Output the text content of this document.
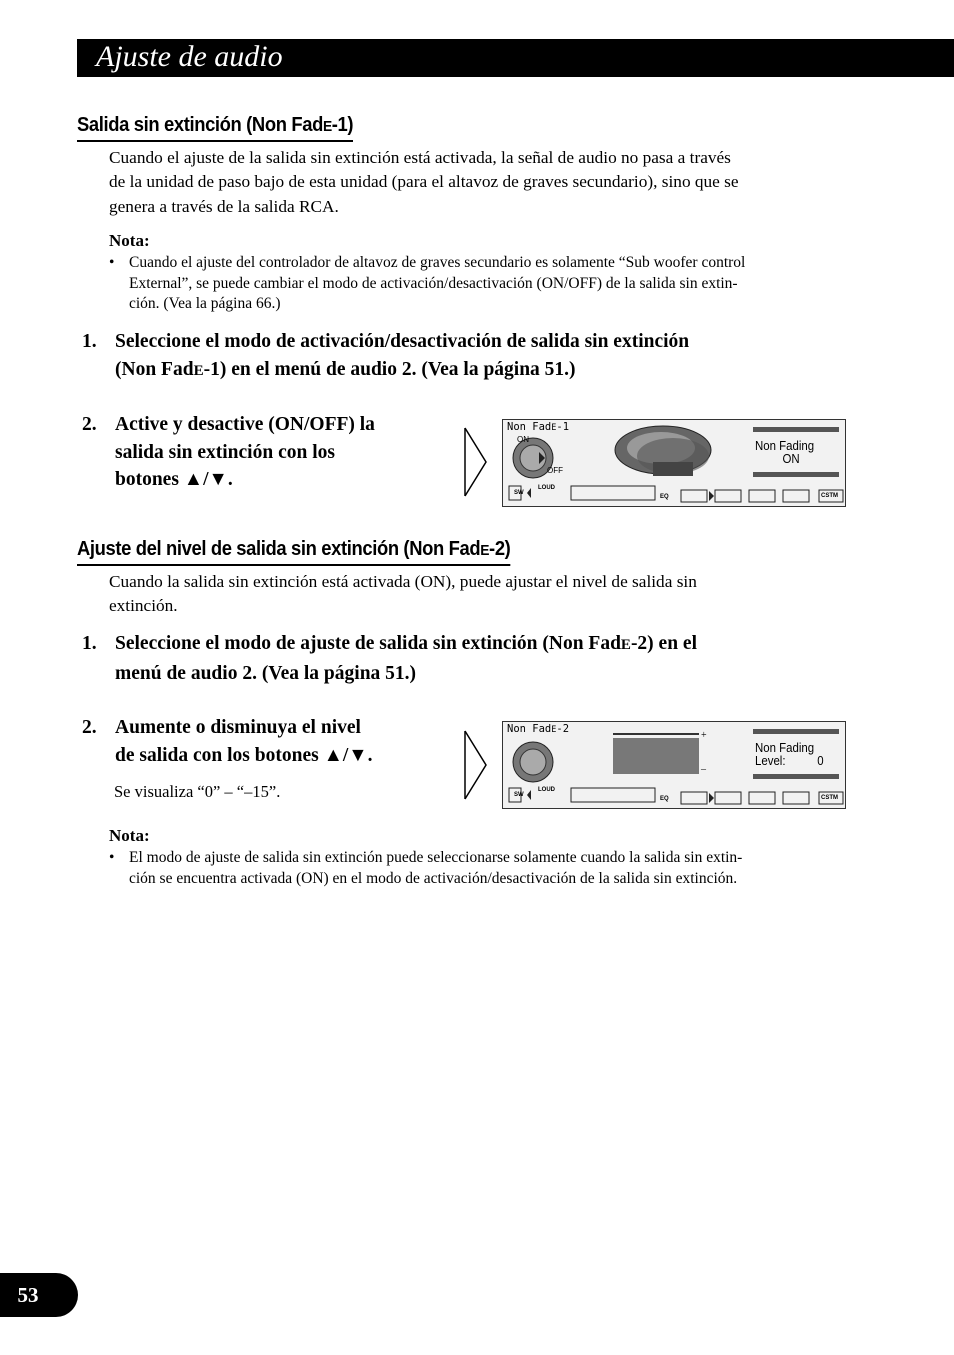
Ajuste de audio
Salida sin extinción (Non FadE-1)
Cuando el ajuste de la salida sin extinción está activada, la señal de audio no pasa a través
de la unidad de paso bajo de esta unidad (para el altavoz de graves secundario), sino que se
genera a través de la salida RCA.
Nota:
• Cuando el ajuste del controlador de altavoz de graves secundario es solamente “Sub woofer control
External”, se puede cambiar el modo de activación/desactivación (ON/OFF) de la salida sin extin-
ción. (Vea la página 66.)
1. Seleccione el modo de activación/desactivación de salida sin extinción
(Non FadE-1) en el menú de audio 2. (Vea la página 51.)
2. Active y desactive (ON/OFF) la
salida sin extinción con los
botones ▲/▼.
Non FadE-1
ON
OFF
Non Fading
ON
SW
LOUD
EQ	CSTM
Ajuste del nivel de salida sin extinción (Non FadE-2)
Cuando la salida sin extinción está activada (ON), puede ajustar el nivel de salida sin
extinción.
1. Seleccione el modo de ajuste de salida sin extinción (Non FadE-2) en el
menú de audio 2. (Vea la página 51.)
2. Aumente o disminuya el nivel
de salida con los botones ▲/▼.
Se visualiza “0” – “–15”.
Non FadE-2
+
–
Non Fading
Level: 0
SW
LOUD
EQ	CSTM
Nota:
• El modo de ajuste de salida sin extinción puede seleccionarse solamente cuando la salida sin extin-
ción se encuentra activada (ON) en el modo de activación/desactivación de la salida sin extinción.
53
